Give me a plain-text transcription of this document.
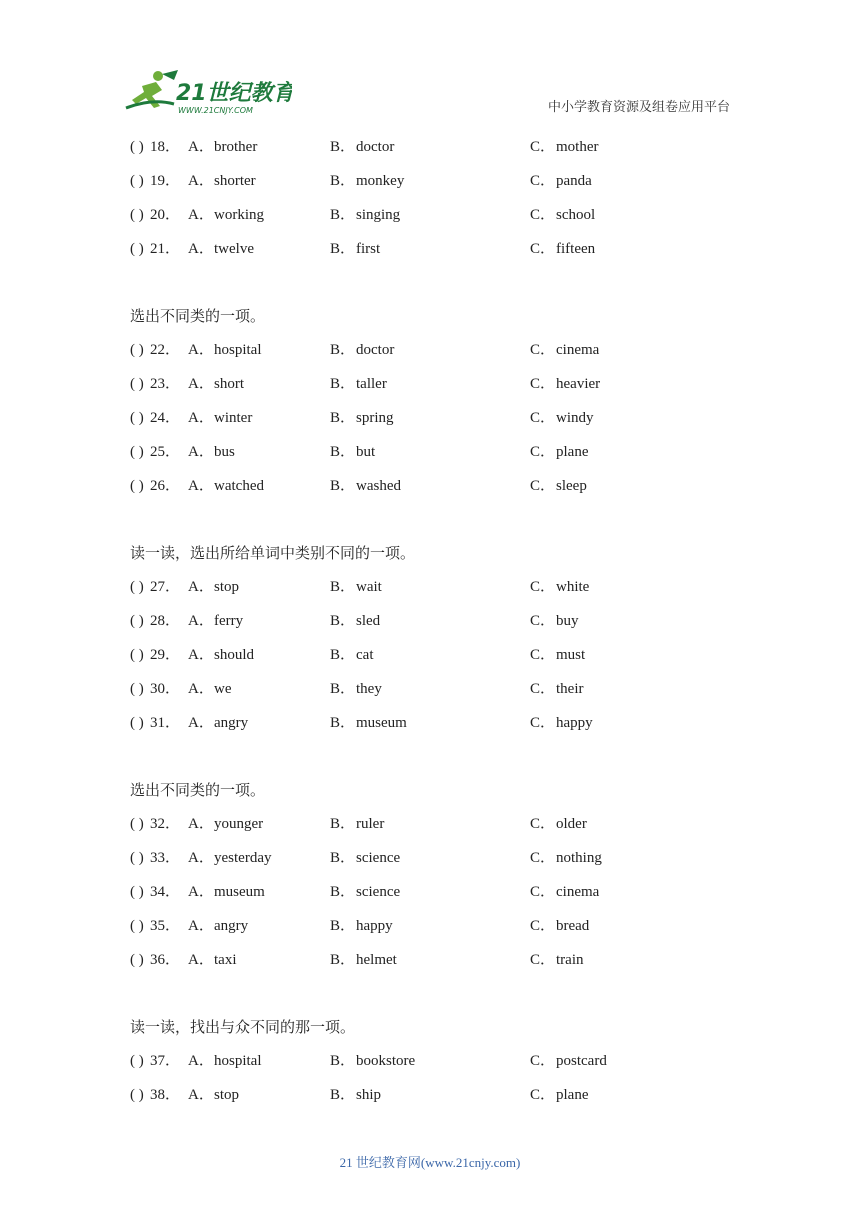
21世纪教育
WWW.21CNJY.COM	中小学教育资源及组卷应用平台
( ) 18． A．brother	B．doctor	C．mother
( ) 19． A．shorter	B．monkey	C．panda
( ) 20． A．working	B．singing	C．school
( ) 21． A．twelve	B．first	C．fifteen
选出不同类的一项。
( ) 22． A．hospital	B．doctor	C．cinema
( ) 23． A．short	B．taller	C．heavier
( ) 24． A．winter	B．spring	C．windy
( ) 25． A．bus	B．but	C．plane
( ) 26． A．watched	B．washed	C．sleep
读一读，选出所给单词中类别不同的一项。
( ) 27． A．stop	B．wait	C．white
( ) 28． A．ferry	B．sled	C．buy
( ) 29． A．should	B．cat	C．must
( ) 30． A．we	B．they	C．their
( ) 31． A．angry	B．museum	C．happy
选出不同类的一项。
( ) 32． A．younger	B．ruler	C．older
( ) 33． A．yesterday	B．science	C．nothing
( ) 34． A．museum	B．science	C．cinema
( ) 35． A．angry	B．happy	C．bread
( ) 36． A．taxi	B．helmet	C．train
读一读，找出与众不同的那一项。
( ) 37． A．hospital	B．bookstore	C．postcard
( ) 38． A．stop	B．ship	C．plane
21 世纪教育网(www.21cnjy.com)
